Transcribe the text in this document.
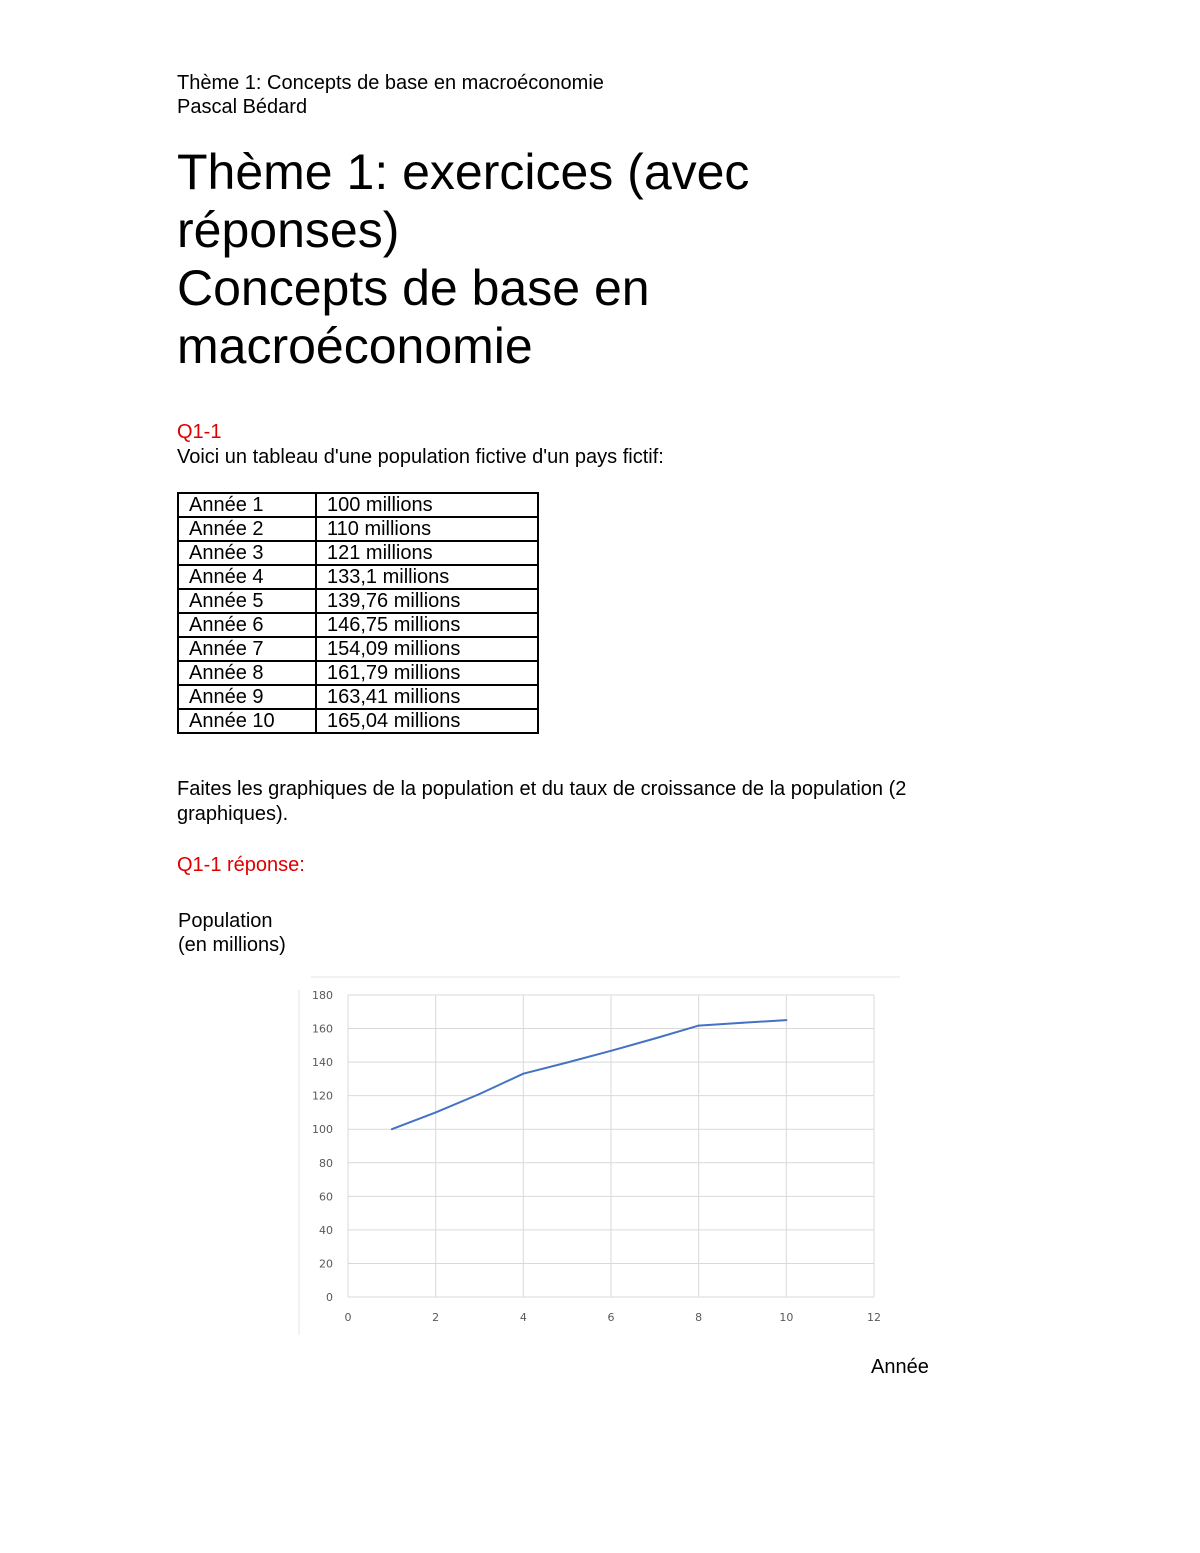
Thème 1: Concepts de base en macroéconomie
Pascal Bédard
Thème 1: exercices (avec
réponses)
Concepts de base en
macroéconomie
Q1-1
Voici un tableau d'une population fictive d'un pays fictif:
Année 1	100 millions
Année 2	110 millions
Année 3	121 millions
Année 4	133,1 millions
Année 5	139,76 millions
Année 6	146,75 millions
Année 7	154,09 millions
Année 8	161,79 millions
Année 9	163,41 millions
Année 10	165,04 millions
Faites les graphiques de la population et du taux de croissance de la population (2
graphiques).
Q1-1 réponse:
Population
(en millions)
0
20
40
60
80
100
120
140
160
180
0	2	4	6	8	10	12
Année
